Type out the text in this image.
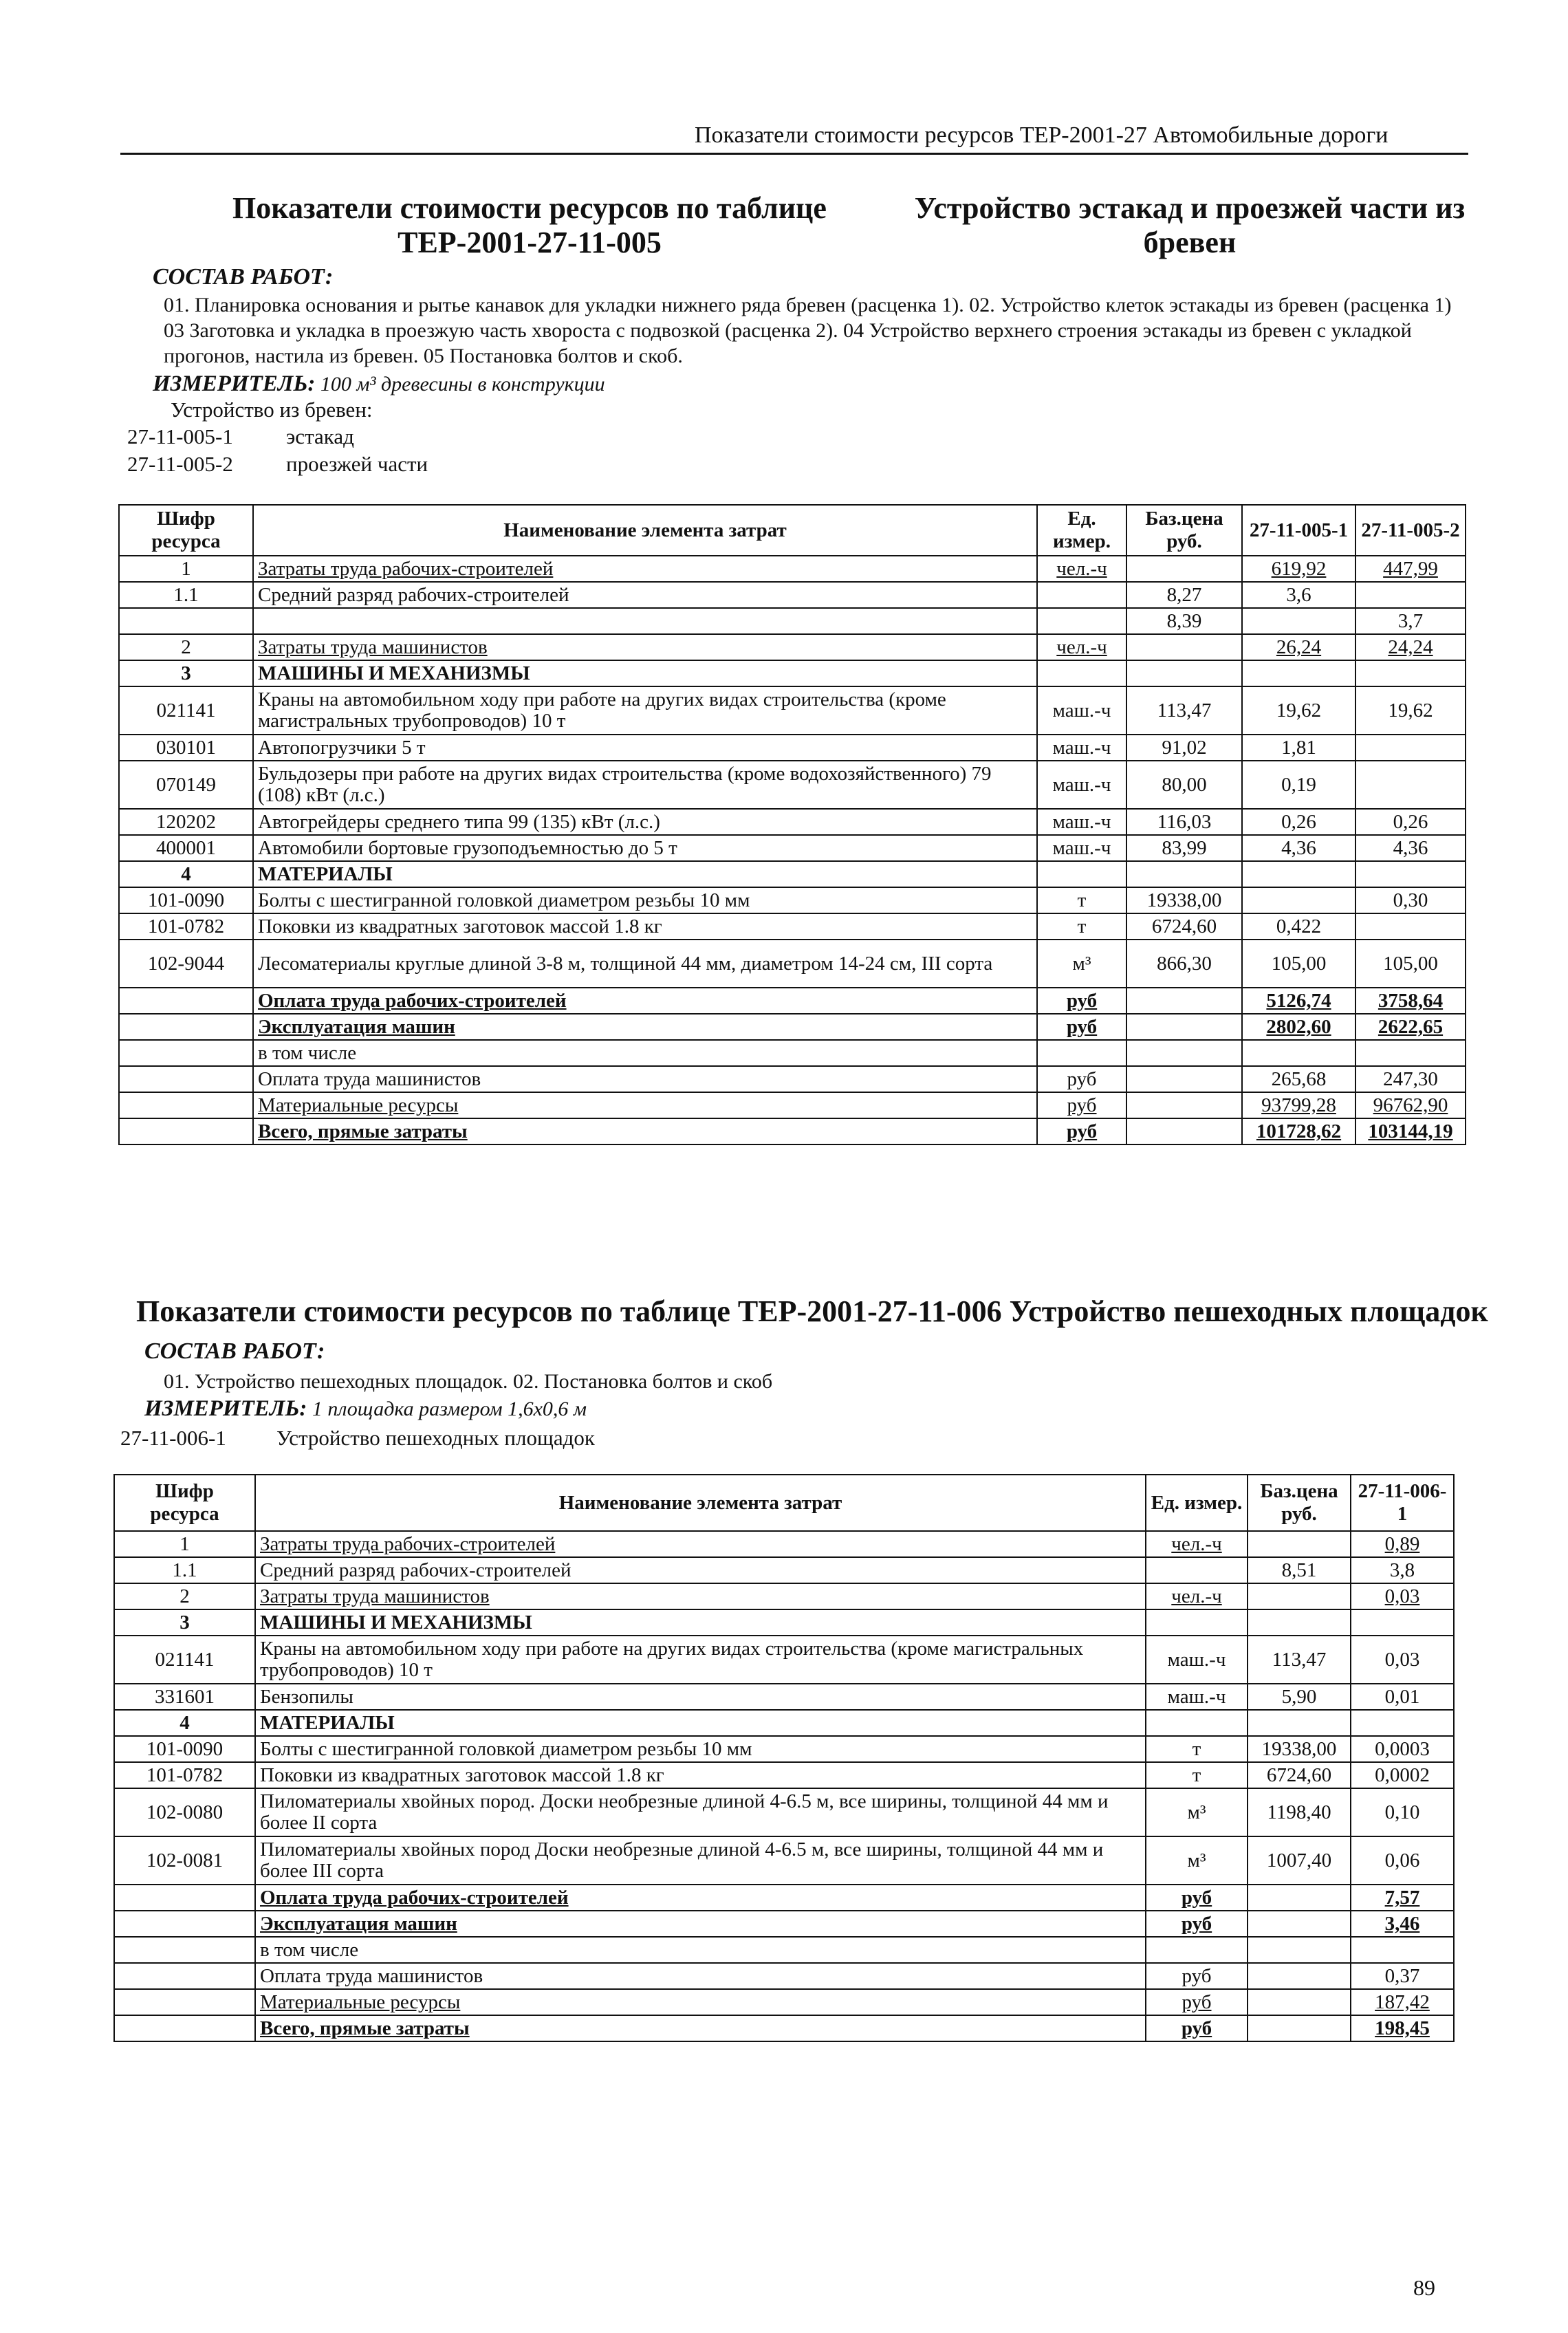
Показатели стоимости ресурсов ТЕР-2001-27 Автомобильные дороги
Показатели стоимости ресурсов по таблице ТЕР-2001-27-11-005
Устройство эстакад и проезжей части из бревен
СОСТАВ РАБОТ:
01. Планировка основания и рытье канавок для укладки нижнего ряда бревен (расценка 1). 02. Устройство клеток эстакады из бревен (расценка 1) 03 Заготовка и укладка в проезжую часть хвороста с подвозкой (расценка 2). 04 Устройство верхнего строения эстакады из бревен с укладкой прогонов, настила из бревен. 05 Постановка болтов и скоб.
ИЗМЕРИТЕЛЬ: 100 м³ древесины в конструкции
Устройство из бревен:
27-11-005-1 эстакад
27-11-005-2 проезжей части
Шифр ресурса	Наименование элемента затрат	Ед. измер.	Баз.цена руб.	27-11-005-1	27-11-005-2
1	Затраты труда рабочих-строителей	чел.-ч		619,92	447,99
1.1	Средний разряд рабочих-строителей		8,27	3,6	
			8,39		3,7
2	Затраты труда машинистов	чел.-ч		26,24	24,24
3	МАШИНЫ И МЕХАНИЗМЫ				
021141	Краны на автомобильном ходу при работе на других видах строительства (кроме магистральных трубопроводов) 10 т	маш.-ч	113,47	19,62	19,62
030101	Автопогрузчики 5 т	маш.-ч	91,02	1,81	
070149	Бульдозеры при работе на других видах строительства (кроме водохозяйственного) 79 (108) кВт (л.с.)	маш.-ч	80,00	0,19	
120202	Автогрейдеры среднего типа 99 (135) кВт (л.с.)	маш.-ч	116,03	0,26	0,26
400001	Автомобили бортовые грузоподъемностью до 5 т	маш.-ч	83,99	4,36	4,36
4	МАТЕРИАЛЫ				
101-0090	Болты с шестигранной головкой диаметром резьбы 10 мм	т	19338,00		0,30
101-0782	Поковки из квадратных заготовок массой 1.8 кг	т	6724,60	0,422	
102-9044	Лесоматериалы круглые длиной 3-8 м, толщиной 44 мм, диаметром 14-24 см, III сорта	м³	866,30	105,00	105,00
	Оплата труда рабочих-строителей	руб		5126,74	3758,64
	Эксплуатация машин	руб		2802,60	2622,65
	в том числе				
	Оплата труда машинистов	руб		265,68	247,30
	Материальные ресурсы	руб		93799,28	96762,90
	Всего, прямые затраты	руб		101728,62	103144,19
Показатели стоимости ресурсов по таблице ТЕР-2001-27-11-006 Устройство пешеходных площадок
СОСТАВ РАБОТ:
01. Устройство пешеходных площадок. 02. Постановка болтов и скоб
ИЗМЕРИТЕЛЬ: 1 площадка размером 1,6х0,6 м
27-11-006-1 Устройство пешеходных площадок
Шифр ресурса	Наименование элемента затрат	Ед. измер.	Баз.цена руб.	27-11-006-1
1	Затраты труда рабочих-строителей	чел.-ч		0,89
1.1	Средний разряд рабочих-строителей		8,51	3,8
2	Затраты труда машинистов	чел.-ч		0,03
3	МАШИНЫ И МЕХАНИЗМЫ			
021141	Краны на автомобильном ходу при работе на других видах строительства (кроме магистральных трубопроводов) 10 т	маш.-ч	113,47	0,03
331601	Бензопилы	маш.-ч	5,90	0,01
4	МАТЕРИАЛЫ			
101-0090	Болты с шестигранной головкой диаметром резьбы 10 мм	т	19338,00	0,0003
101-0782	Поковки из квадратных заготовок массой 1.8 кг	т	6724,60	0,0002
102-0080	Пиломатериалы хвойных пород. Доски необрезные длиной 4-6.5 м, все ширины, толщиной 44 мм и более II сорта	м³	1198,40	0,10
102-0081	Пиломатериалы хвойных пород Доски необрезные длиной 4-6.5 м, все ширины, толщиной 44 мм и более III сорта	м³	1007,40	0,06
	Оплата труда рабочих-строителей	руб		7,57
	Эксплуатация машин	руб		3,46
	в том числе			
	Оплата труда машинистов	руб		0,37
	Материальные ресурсы	руб		187,42
	Всего, прямые затраты	руб		198,45
89
